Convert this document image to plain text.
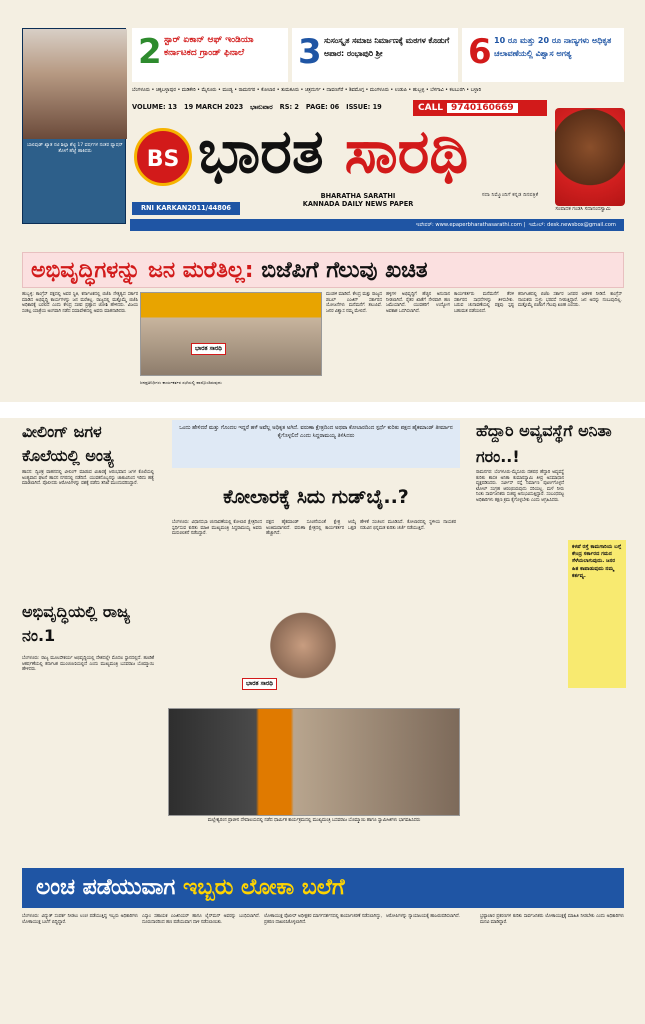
ಬಾಲಿವುಡ್ ಖ್ಯಾತ ನಟಿ ಶಿಲ್ಪಾ ಶೆಟ್ಟಿ 17 ವರ್ಷಗಳ ನಂತರ ಫ್ಯಾಷನ್ ಶೋಗೆ ಹೆಜ್ಜೆ ಹಾಕಿದರು
2 ಸ್ಟಾರ್ ಏಕಾನ್ ಆಫ್ ಇಂಡಿಯಾ ಕರ್ನಾಟಕದ ಗ್ರಾಂಡ್ ಫಿನಾಲೆ	3 ಸುಸಂಸ್ಕೃತ ಸಮಾಜ ನಿರ್ಮಾಣಕ್ಕೆ ಮಠಗಳ ಕೊಡುಗೆ ಅಪಾರ: ರಂಭಾಪುರಿ ಶ್ರೀ	6 10 ರೂ ಮತ್ತು 20 ರೂ ನಾಣ್ಯಗಳು ಅಧಿಕೃತ ಚಲಾವಣೆಯಲ್ಲಿ ವಿಶ್ವಾಸ ಅಗತ್ಯ
ಬೆಂಗಳೂರು • ಚಿಕ್ಕಬಳ್ಳಾಪುರ • ಮಡಿಕೇರಿ • ಮೈಸೂರು • ಮಂಡ್ಯ • ರಾಮನಗರ • ಕೋಲಾರ • ತುಮಕೂರು • ಚಿತ್ರದುರ್ಗ • ದಾವಣಗೆರೆ • ಶಿವಮೊಗ್ಗ • ಮಂಗಳೂರು • ಉಡುಪಿ • ಹುಬ್ಬಳ್ಳಿ • ಬೆಳಗಾವಿ • ಕಲಬುರಗಿ • ಬಳ್ಳಾರಿ
VOLUME: 13 19 MARCH 2023 ಭಾನುವಾರ RS: 2 PAGE: 06 ISSUE: 19	CALL 9740160669
BS ಭಾರತ ಸಾರಥಿ
BHARATHA SARATHI
KANNADA DAILY NEWS PAPER
ಸದಾ ನಿಮ್ಮೊಂದಿಗೆ ಕನ್ನಡ ದಿನಪತ್ರಿಕೆ
ಸಂಪಾದಕ ಗಂಡಸಿ ಸದಾನಂದಸ್ವಾಮಿ
RNI KARKAN2011/44806
ಇಪೇಪರ್: www.epaperbharathasarathi.com |  ಇಮೇಲ್: desk.newsbox@gmail.com
ಅಭಿವೃದ್ಧಿಗಳನ್ನು ಜನ ಮರೆತಿಲ್ಲ: ಬಿಜೆಪಿಗೆ ಗೆಲುವು ಖಚಿತ
ಹುಬ್ಬಳ್ಳಿ: ಕಾಂಗ್ರೆಸ್ ಪಕ್ಷದಲ್ಲಿ ಅವರ ಸ್ಥಿತಿ, ಕರ್ನಾಟಕದಲ್ಲಿ ಬಿಜೆಪಿ ನೇತೃತ್ವದ ಸರ್ಕಾರ ಮಾಡಿದ ಅಭಿವೃದ್ಧಿ ಕಾರ್ಯಗಳನ್ನು ಜನ ಮರೆತಿಲ್ಲ. ರಾಜ್ಯದಲ್ಲಿ ಮತ್ತೊಮ್ಮೆ ಬಿಜೆಪಿ ಅಧಿಕಾರಕ್ಕೆ ಬರಲಿದೆ ಎಂದು ಕೇಂದ್ರ ಸಚಿವ ಪ್ರಹ್ಲಾದ ಜೋಶಿ ಹೇಳಿದರು. ವಿಜಯ ಸಂಕಲ್ಪ ಯಾತ್ರೆಯ ಅಂಗವಾಗಿ ನಡೆದ ಸಮಾವೇಶದಲ್ಲಿ ಅವರು ಮಾತನಾಡಿದರು.
ಭಾರತ ಸಾರಥಿ
ಜನಪ್ರತಿನಿಧಿಗಳು ಕಾರ್ಯಕರ್ತರ ಸಭೆಯಲ್ಲಿ ಪಾಲ್ಗೊಂಡಿರುವುದು
ಮಂಡಳಿ ಮಾಡಿದೆ. ಕೇಂದ್ರ ಮತ್ತು ರಾಜ್ಯದ ಡಬಲ್ ಎಂಜಿನ್ ಸರ್ಕಾರದ ಯೋಜನೆಗಳು ಮನೆಮನೆಗೆ ತಲುಪಿವೆ. ಜನರ ವಿಶ್ವಾಸ ನಮ್ಮ ಮೇಲಿದೆ.
ಹಳ್ಳಿಗಳ ಅಭಿವೃದ್ಧಿಗೆ ಹೆಚ್ಚಿನ ಅನುದಾನ ನೀಡಲಾಗಿದೆ. ರೈತರ ಖಾತೆಗೆ ನೇರವಾಗಿ ಹಣ ಜಮೆಯಾಗಿದೆ. ಯುವಕರಿಗೆ ಉದ್ಯೋಗ ಅವಕಾಶ ಒದಗಿಸಲಾಗಿದೆ.
ಕಾರ್ಯಕರ್ತರು ಮನೆಮನೆಗೆ ತೆರಳಿ ಸರ್ಕಾರದ ಸಾಧನೆಗಳನ್ನು ತಿಳಿಸಬೇಕು. ಬರುವ ಚುನಾವಣೆಯಲ್ಲಿ ಪಕ್ಷವು ಸ್ಪಷ್ಟ ಬಹುಮತ ಪಡೆಯಲಿದೆ.
ಕರ್ನಾಟಕದಲ್ಲಿ ಬಿಜೆಪಿ ಸರ್ಕಾರ ಜನಪರ ಆಡಳಿತ ನೀಡಿದೆ. ಕಾಂಗ್ರೆಸ್ ನಾಯಕರು ಸುಳ್ಳು ಭರವಸೆ ನೀಡುತ್ತಿದ್ದಾರೆ. ಜನ ಅದನ್ನು ನಂಬುವುದಿಲ್ಲ. ಮತ್ತೊಮ್ಮೆ ಬಿಜೆಪಿಗೆ ಗೆಲುವು ಖಚಿತ ಎಂದರು.
ವೀಲಿಂಗ್ ಜಗಳ ಕೊಲೆಯಲ್ಲಿ ಅಂತ್ಯ
ಹಾಸನ: ದ್ವಿಚಕ್ರ ವಾಹನದಲ್ಲಿ ವೀಲಿಂಗ್ ಮಾಡುವ ವಿಚಾರಕ್ಕೆ ಆರಂಭವಾದ ಜಗಳ ಕೊಲೆಯಲ್ಲಿ ಅಂತ್ಯವಾದ ಘಟನೆ ಹಾಸನ ನಗರದಲ್ಲಿ ನಡೆದಿದೆ. ಯುವಕನೊಬ್ಬನನ್ನು ಚಾಕುವಿನಿಂದ ಇರಿದು ಹತ್ಯೆ ಮಾಡಲಾಗಿದೆ. ಪೊಲೀಸರು ಆರೋಪಿಗಳನ್ನು ವಶಕ್ಕೆ ಪಡೆದು ತನಿಖೆ ಮುಂದುವರಿಸಿದ್ದಾರೆ.
ಅಭಿವೃದ್ಧಿಯಲ್ಲಿ ರಾಜ್ಯ ನಂ.1
ಬೆಂಗಳೂರು: ರಾಜ್ಯ ಮೂಲಸೌಕರ್ಯ ಅಭಿವೃದ್ಧಿಯಲ್ಲಿ ದೇಶದಲ್ಲೇ ಮೊದಲ ಸ್ಥಾನದಲ್ಲಿದೆ. ಹೂಡಿಕೆ ಆಕರ್ಷಣೆಯಲ್ಲಿ ಕರ್ನಾಟಕ ಮುಂಚೂಣಿಯಲ್ಲಿದೆ ಎಂದು ಮುಖ್ಯಮಂತ್ರಿ ಬಸವರಾಜ ಬೊಮ್ಮಾಯಿ ಹೇಳಿದರು.
ಒಂದು ಹೇಳಿದರೆ ಮತ್ತು ಗೊಂದಲ ಇದ್ದರೆ ಹಳೆ ಅವೆಲ್ಲ ಅಧಿಕೃತ ಅಗಿದೆ. ವರುಣಾ ಕ್ಷೇತ್ರದಿಂದ ಅಥವಾ ಕೋಲಾರದಿಂದ ಸ್ಪರ್ಧೆ ಕುರಿತು ಪಕ್ಷದ ಹೈಕಮಾಂಡ್ ತೀರ್ಮಾನ ಕೈಗೊಳ್ಳಲಿದೆ ಎಂದು ಸಿದ್ದರಾಮಯ್ಯ ತಿಳಿಸಿದರು
ಕೋಲಾರಕ್ಕೆ ಸಿದು ಗುಡ್‌ಬೈ..?
ಬೆಂಗಳೂರು: ವಿಧಾನಸಭಾ ಚುನಾವಣೆಯಲ್ಲಿ ಕೋಲಾರ ಕ್ಷೇತ್ರದಿಂದ ಸ್ಪರ್ಧಿಸುವ ಕುರಿತು ಮಾಜಿ ಮುಖ್ಯಮಂತ್ರಿ ಸಿದ್ದರಾಮಯ್ಯ ಅವರು ಮರುಚಿಂತನೆ ನಡೆಸಿದ್ದಾರೆ.
ಪಕ್ಷದ ಹೈಕಮಾಂಡ್ ಸೂಚನೆಯಂತೆ ಕ್ಷೇತ್ರ ಆಯ್ಕೆ ಅಂತಿಮವಾಗಲಿದೆ. ವರುಣಾ ಕ್ಷೇತ್ರದಲ್ಲಿ ಕಾರ್ಯಕರ್ತರ ಒತ್ತಡ ಹೆಚ್ಚಾಗಿದೆ.
ಹೇಳಿಕೆ ಸಂಚಲನ ಮೂಡಿಸಿದೆ. ಕೋಲಾರದಲ್ಲಿ ಸ್ಥಳೀಯ ನಾಯಕರ ನಡುವಿನ ಭಿನ್ನಮತ ಕುರಿತು ಚರ್ಚೆ ನಡೆಯುತ್ತಿದೆ.
ಭಾರತ ಸಾರಥಿ
ಮಲ್ಲೇಶ್ವರಂನ ಪ್ರಾಚೀನ ದೇವಾಲಯದಲ್ಲಿ ನಡೆದ ಧಾರ್ಮಿಕ ಕಾರ್ಯಕ್ರಮದಲ್ಲಿ ಮುಖ್ಯಮಂತ್ರಿ ಬಸವರಾಜ ಬೊಮ್ಮಾಯಿ ಹಾಗೂ ಸ್ವಾಮೀಜಿಗಳು ಭಾಗವಹಿಸಿದರು
ಹೆದ್ದಾರಿ ಅವ್ಯವಸ್ಥೆಗೆ ಅನಿತಾ ಗರಂ..!
ರಾಮನಗರ: ಬೆಂಗಳೂರು-ಮೈಸೂರು ದಶಪಥ ಹೆದ್ದಾರಿ ಅವ್ಯವಸ್ಥೆ ಕುರಿತು ಶಾಸಕಿ ಅನಿತಾ ಕುಮಾರಸ್ವಾಮಿ ತೀವ್ರ ಅಸಮಾಧಾನ ವ್ಯಕ್ತಪಡಿಸಿದರು. ಸರ್ವೀಸ್ ರಸ್ತೆ ನಿರ್ಮಾಣ ಪೂರ್ಣಗೊಳ್ಳದೆ ಟೋಲ್ ಸಂಗ್ರಹ ಆರಂಭಿಸಿರುವುದು ಸರಿಯಲ್ಲ. ಮಳೆ ನೀರು ನಿಂತು ಸಾರ್ವಜನಿಕರು ಸಂಕಷ್ಟ ಅನುಭವಿಸುತ್ತಿದ್ದಾರೆ. ಸಂಬಂಧಪಟ್ಟ ಅಧಿಕಾರಿಗಳು ತಕ್ಷಣ ಕ್ರಮ ಕೈಗೊಳ್ಳಬೇಕು ಎಂದು ಆಗ್ರಹಿಸಿದರು.
ಕಳಪೆ ರಸ್ತೆ ಕಾಮಗಾರಿಯ ಬಗ್ಗೆ ಕೇಂದ್ರ ಸರ್ಕಾರದ ಗಮನ ಸೆಳೆಯಲಾಗುವುದು. ಜನರ ಹಿತ ಕಾಪಾಡುವುದು ನಮ್ಮ ಕರ್ತವ್ಯ.
ಲಂಚ ಪಡೆಯುವಾಗ ಇಬ್ಬರು ಲೋಕಾ ಬಲೆಗೆ
ಬೆಂಗಳೂರು: ವಿದ್ಯುತ್ ಸಂಪರ್ಕ ನೀಡಲು ಲಂಚ ಪಡೆಯುತ್ತಿದ್ದ ಇಬ್ಬರು ಅಧಿಕಾರಿಗಳು ಲೋಕಾಯುಕ್ತ ಬಲೆಗೆ ಬಿದ್ದಿದ್ದಾರೆ.
ಎಸ್ಕಾಂ ಸಹಾಯಕ ಎಂಜಿನಿಯರ್ ಹಾಗೂ ಲೈನ್‌ಮನ್ ಅವರನ್ನು ಬಂಧಿಸಲಾಗಿದೆ. ದೂರುದಾರರಿಂದ ಹಣ ಪಡೆಯುವಾಗ ದಾಳಿ ನಡೆಸಲಾಯಿತು.
ಲೋಕಾಯುಕ್ತ ಪೊಲೀಸ್ ಅಧೀಕ್ಷಕರ ಮಾರ್ಗದರ್ಶನದಲ್ಲಿ ಕಾರ್ಯಾಚರಣೆ ನಡೆಸಲಾಗಿದ್ದು, ಪ್ರಕರಣ ದಾಖಲಿಸಿಕೊಳ್ಳಲಾಗಿದೆ.
ಆರೋಪಿಗಳನ್ನು ನ್ಯಾಯಾಲಯಕ್ಕೆ ಹಾಜರುಪಡಿಸಲಾಗಿದೆ.	ಭ್ರಷ್ಟಾಚಾರ ಪ್ರಕರಣಗಳ ಕುರಿತು ಸಾರ್ವಜನಿಕರು ಲೋಕಾಯುಕ್ತಕ್ಕೆ ಮಾಹಿತಿ ನೀಡಬೇಕು ಎಂದು ಅಧಿಕಾರಿಗಳು ಮನವಿ ಮಾಡಿದ್ದಾರೆ.
